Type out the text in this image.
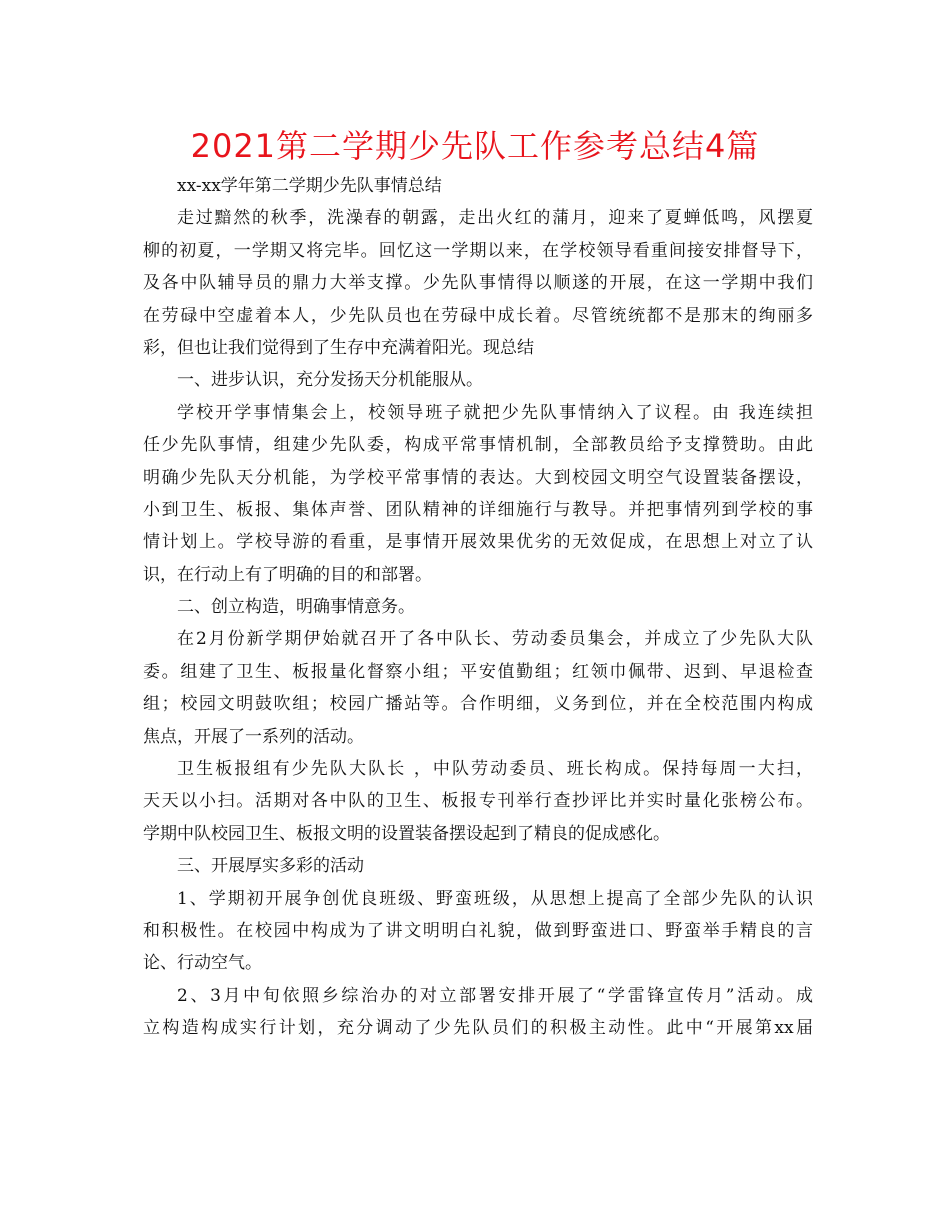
2021第二学期少先队工作参考总结4篇
xx-xx学年第二学期少先队事情总结
走过黯然的秋季，洗澡春的朝露，走出火红的蒲月，迎来了夏蝉低鸣，风摆夏
柳的初夏，一学期又将完毕。回忆这一学期以来，在学校领导看重间接安排督导下，
及各中队辅导员的鼎力大举支撑。少先队事情得以顺遂的开展，在这一学期中我们
在劳碌中空虚着本人，少先队员也在劳碌中成长着。尽管统统都不是那末的绚丽多
彩，但也让我们觉得到了生存中充满着阳光。现总结
一、进步认识，充分发扬天分机能服从。
学校开学事情集会上，校领导班子就把少先队事情纳入了议程。由 我连续担
任少先队事情，组建少先队委，构成平常事情机制，全部教员给予支撑赞助。由此
明确少先队天分机能，为学校平常事情的表达。大到校园文明空气设置装备摆设，
小到卫生、板报、集体声誉、团队精神的详细施行与教导。并把事情列到学校的事
情计划上。学校导游的看重，是事情开展效果优劣的无效促成，在思想上对立了认
识，在行动上有了明确的目的和部署。
二、创立构造，明确事情意务。
在2月份新学期伊始就召开了各中队长、劳动委员集会，并成立了少先队大队
委。组建了卫生、板报量化督察小组；平安值勤组；红领巾佩带、迟到、早退检查
组；校园文明鼓吹组；校园广播站等。合作明细，义务到位，并在全校范围内构成
焦点，开展了一系列的活动。
卫生板报组有少先队大队长 ，中队劳动委员、班长构成。保持每周一大扫，
天天以小扫。活期对各中队的卫生、板报专刊举行查抄评比并实时量化张榜公布。
学期中队校园卫生、板报文明的设置装备摆设起到了精良的促成感化。
三、开展厚实多彩的活动
1、学期初开展争创优良班级、野蛮班级，从思想上提高了全部少先队的认识
和积极性。在校园中构成为了讲文明明白礼貌，做到野蛮进口、野蛮举手精良的言
论、行动空气。
2、3月中旬依照乡综治办的对立部署安排开展了“学雷锋宣传月”活动。成
立构造构成实行计划，充分调动了少先队员们的积极主动性。此中“开展第xx届
